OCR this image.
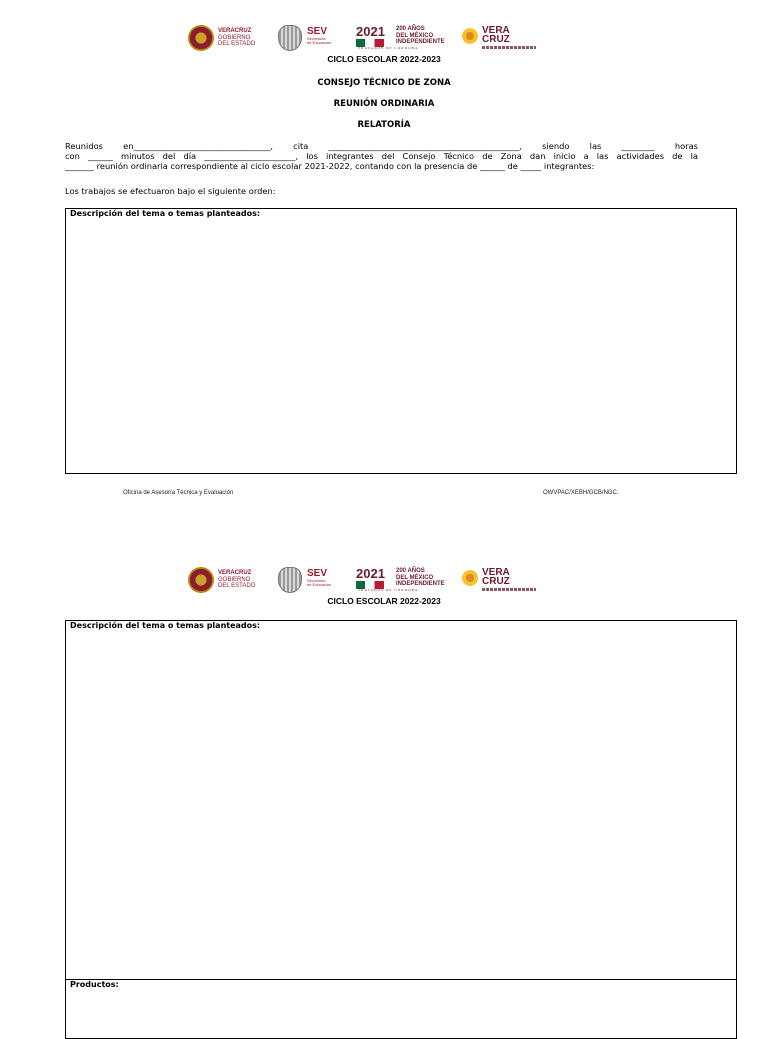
VERACRUZ
GOBIERNO
DEL ESTADO
SEV
Secretaría
de Educación
2021 200 AÑOS
DEL MÉXICO
INDEPENDIENTE
TRATADOS DE CÓRDOBA
VERA
CRUZ
CICLO ESCOLAR 2022-2023
CONSEJO TÉCNICO DE ZONA
REUNIÓN ORDINARIA
RELATORÍA
Reunidos en_________________________________, cita ______________________________________________, siendo las ________ horas
con ______ minutos del día ______________________, los integrantes del Consejo Técnico de Zona dan inicio a las actividades de la
_______ reunión ordinaria correspondiente al ciclo escolar 2021-2022, contando con la presencia de ______ de _____ integrantes:
Los trabajos se efectuaron bajo el siguiente orden:
Descripción del tema o temas planteados:
Oficina de Asesoría Técnica y Evaluación	OWVPAC/XEBH/GCB/NGC.
VERACRUZ
GOBIERNO
DEL ESTADO
SEV
Secretaría
de Educación
2021 200 AÑOS
DEL MÉXICO
INDEPENDIENTE
TRATADOS DE CÓRDOBA
VERA
CRUZ
CICLO ESCOLAR 2022-2023
Descripción del tema o temas planteados:
Productos:
